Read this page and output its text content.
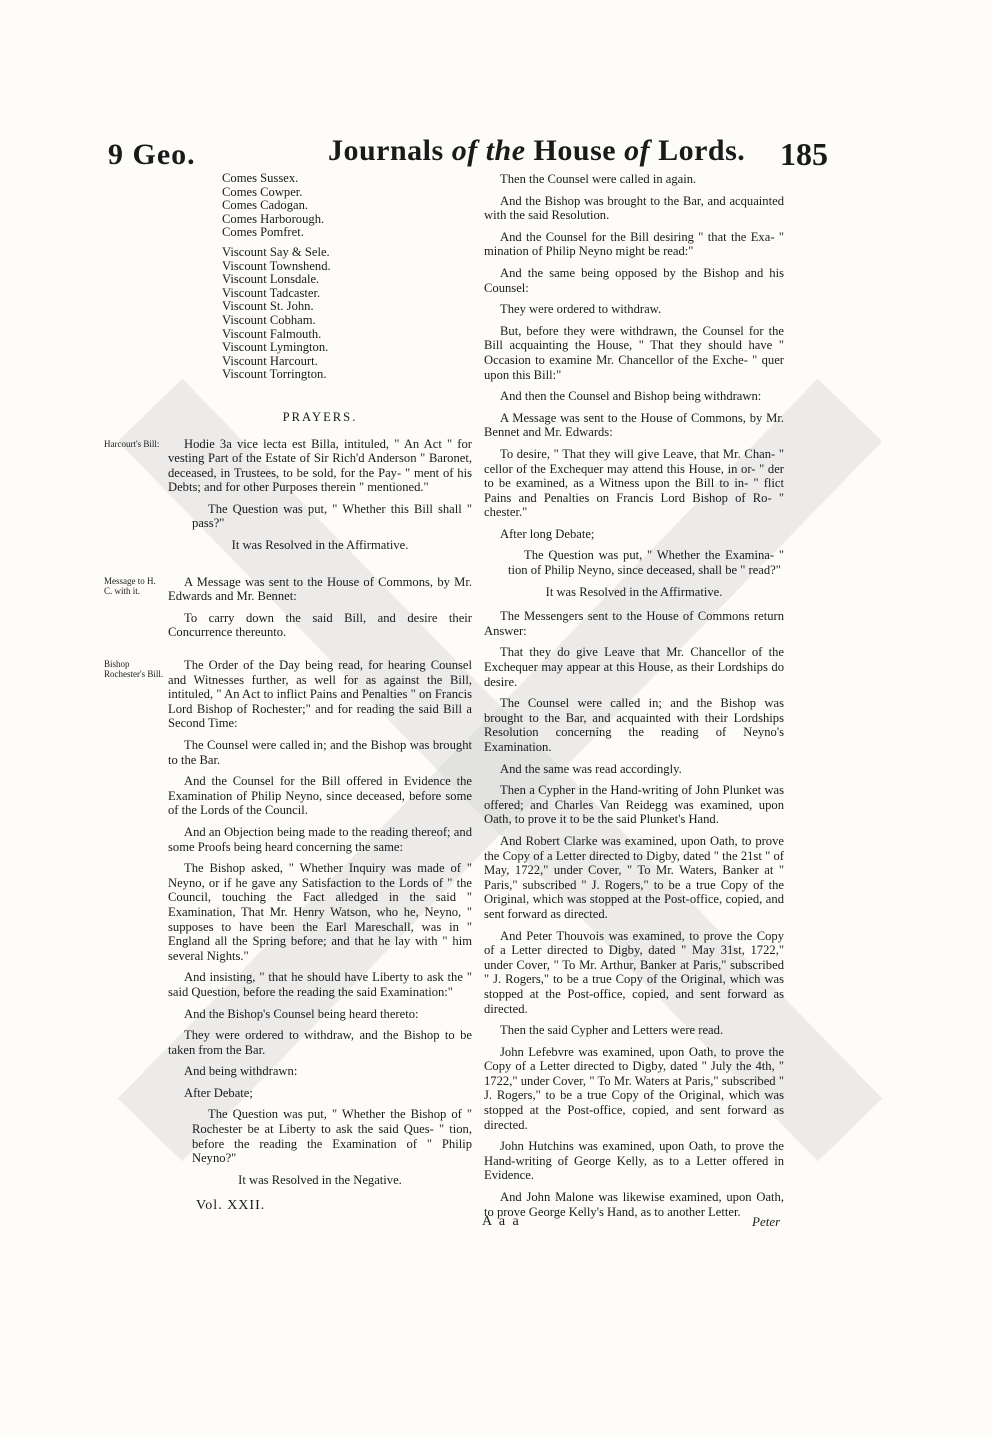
9 Geo.	Journals of the House of Lords. 185
Comes Sussex.
Comes Cowper.
Comes Cadogan.
Comes Harborough.
Comes Pomfret.
Viscount Say & Sele.
Viscount Townshend.
Viscount Lonsdale.
Viscount Tadcaster.
Viscount St. John.
Viscount Cobham.
Viscount Falmouth.
Viscount Lymington.
Viscount Harcourt.
Viscount Torrington.
PRAYERS.
Harcourt's Bill:	Hodie 3a vice lecta est Billa, intituled, " An Act " for vesting Part of the Estate of Sir Rich'd Anderson " Baronet, deceased, in Trustees, to be sold, for the Pay- " ment of his Debts; and for other Purposes therein " mentioned."

The Question was put, " Whether this Bill shall " pass?"

It was Resolved in the Affirmative.
Message to H. C. with it.

A Message was sent to the House of Commons, by Mr. Edwards and Mr. Bennet:

To carry down the said Bill, and desire their Concurrence thereunto.

Bishop Rochester's Bill.

The Order of the Day being read, for hearing Counsel and Witnesses further, as well for as against the Bill, intituled, " An Act to inflict Pains and Penalties " on Francis Lord Bishop of Rochester;" and for reading the said Bill a Second Time:

The Counsel were called in; and the Bishop was brought to the Bar.

And the Counsel for the Bill offered in Evidence the Examination of Philip Neyno, since deceased, before some of the Lords of the Council.

And an Objection being made to the reading thereof; and some Proofs being heard concerning the same:

The Bishop asked, " Whether Inquiry was made of " Neyno, or if he gave any Satisfaction to the Lords of " the Council, touching the Fact alledged in the said " Examination, That Mr. Henry Watson, who he, Neyno, " supposes to have been the Earl Mareschall, was in " England all the Spring before; and that he lay with " him several Nights."

And insisting, " that he should have Liberty to ask the " said Question, before the reading the said Examination:"

And the Bishop's Counsel being heard thereto:

They were ordered to withdraw, and the Bishop to be taken from the Bar.

And being withdrawn:

After Debate;

The Question was put, " Whether the Bishop of " Rochester be at Liberty to ask the said Ques- " tion, before the reading the Examination of " Philip Neyno?"

It was Resolved in the Negative.

Then the Counsel were called in again.

And the Bishop was brought to the Bar, and acquainted with the said Resolution.

And the Counsel for the Bill desiring " that the Exa- " mination of Philip Neyno might be read:"

And the same being opposed by the Bishop and his Counsel:

They were ordered to withdraw.

But, before they were withdrawn, the Counsel for the Bill acquainting the House, " That they should have " Occasion to examine Mr. Chancellor of the Exche- " quer upon this Bill:"

And then the Counsel and Bishop being withdrawn:

A Message was sent to the House of Commons, by Mr. Bennet and Mr. Edwards:

To desire, " That they will give Leave, that Mr. Chan- " cellor of the Exchequer may attend this House, in or- " der to be examined, as a Witness upon the Bill to in- " flict Pains and Penalties on Francis Lord Bishop of Ro- " chester."

After long Debate;

The Question was put, " Whether the Examina- " tion of Philip Neyno, since deceased, shall be " read?"

It was Resolved in the Affirmative.

The Messengers sent to the House of Commons return Answer:

That they do give Leave that Mr. Chancellor of the Exchequer may appear at this House, as their Lordships do desire.

The Counsel were called in; and the Bishop was brought to the Bar, and acquainted with their Lordships Resolution concerning the reading of Neyno's Examination.

And the same was read accordingly.

Then a Cypher in the Hand-writing of John Plunket was offered; and Charles Van Reidegg was examined, upon Oath, to prove it to be the said Plunket's Hand.

And Robert Clarke was examined, upon Oath, to prove the Copy of a Letter directed to Digby, dated " the 21st " of May, 1722," under Cover, " To Mr. Waters, Banker at " Paris," subscribed " J. Rogers," to be a true Copy of the Original, which was stopped at the Post-office, copied, and sent forward as directed.

And Peter Thouvois was examined, to prove the Copy of a Letter directed to Digby, dated " May 31st, 1722," under Cover, " To Mr. Arthur, Banker at Paris," subscribed " J. Rogers," to be a true Copy of the Original, which was stopped at the Post-office, copied, and sent forward as directed.

Then the said Cypher and Letters were read.

John Lefebvre was examined, upon Oath, to prove the Copy of a Letter directed to Digby, dated " July the 4th, " 1722," under Cover, " To Mr. Waters at Paris," subscribed " J. Rogers," to be a true Copy of the Original, which was stopped at the Post-office, copied, and sent forward as directed.

John Hutchins was examined, upon Oath, to prove the Hand-writing of George Kelly, as to a Letter offered in Evidence.

And John Malone was likewise examined, upon Oath, to prove George Kelly's Hand, as to another Letter.

Vol. XXII.
A a a	Peter
